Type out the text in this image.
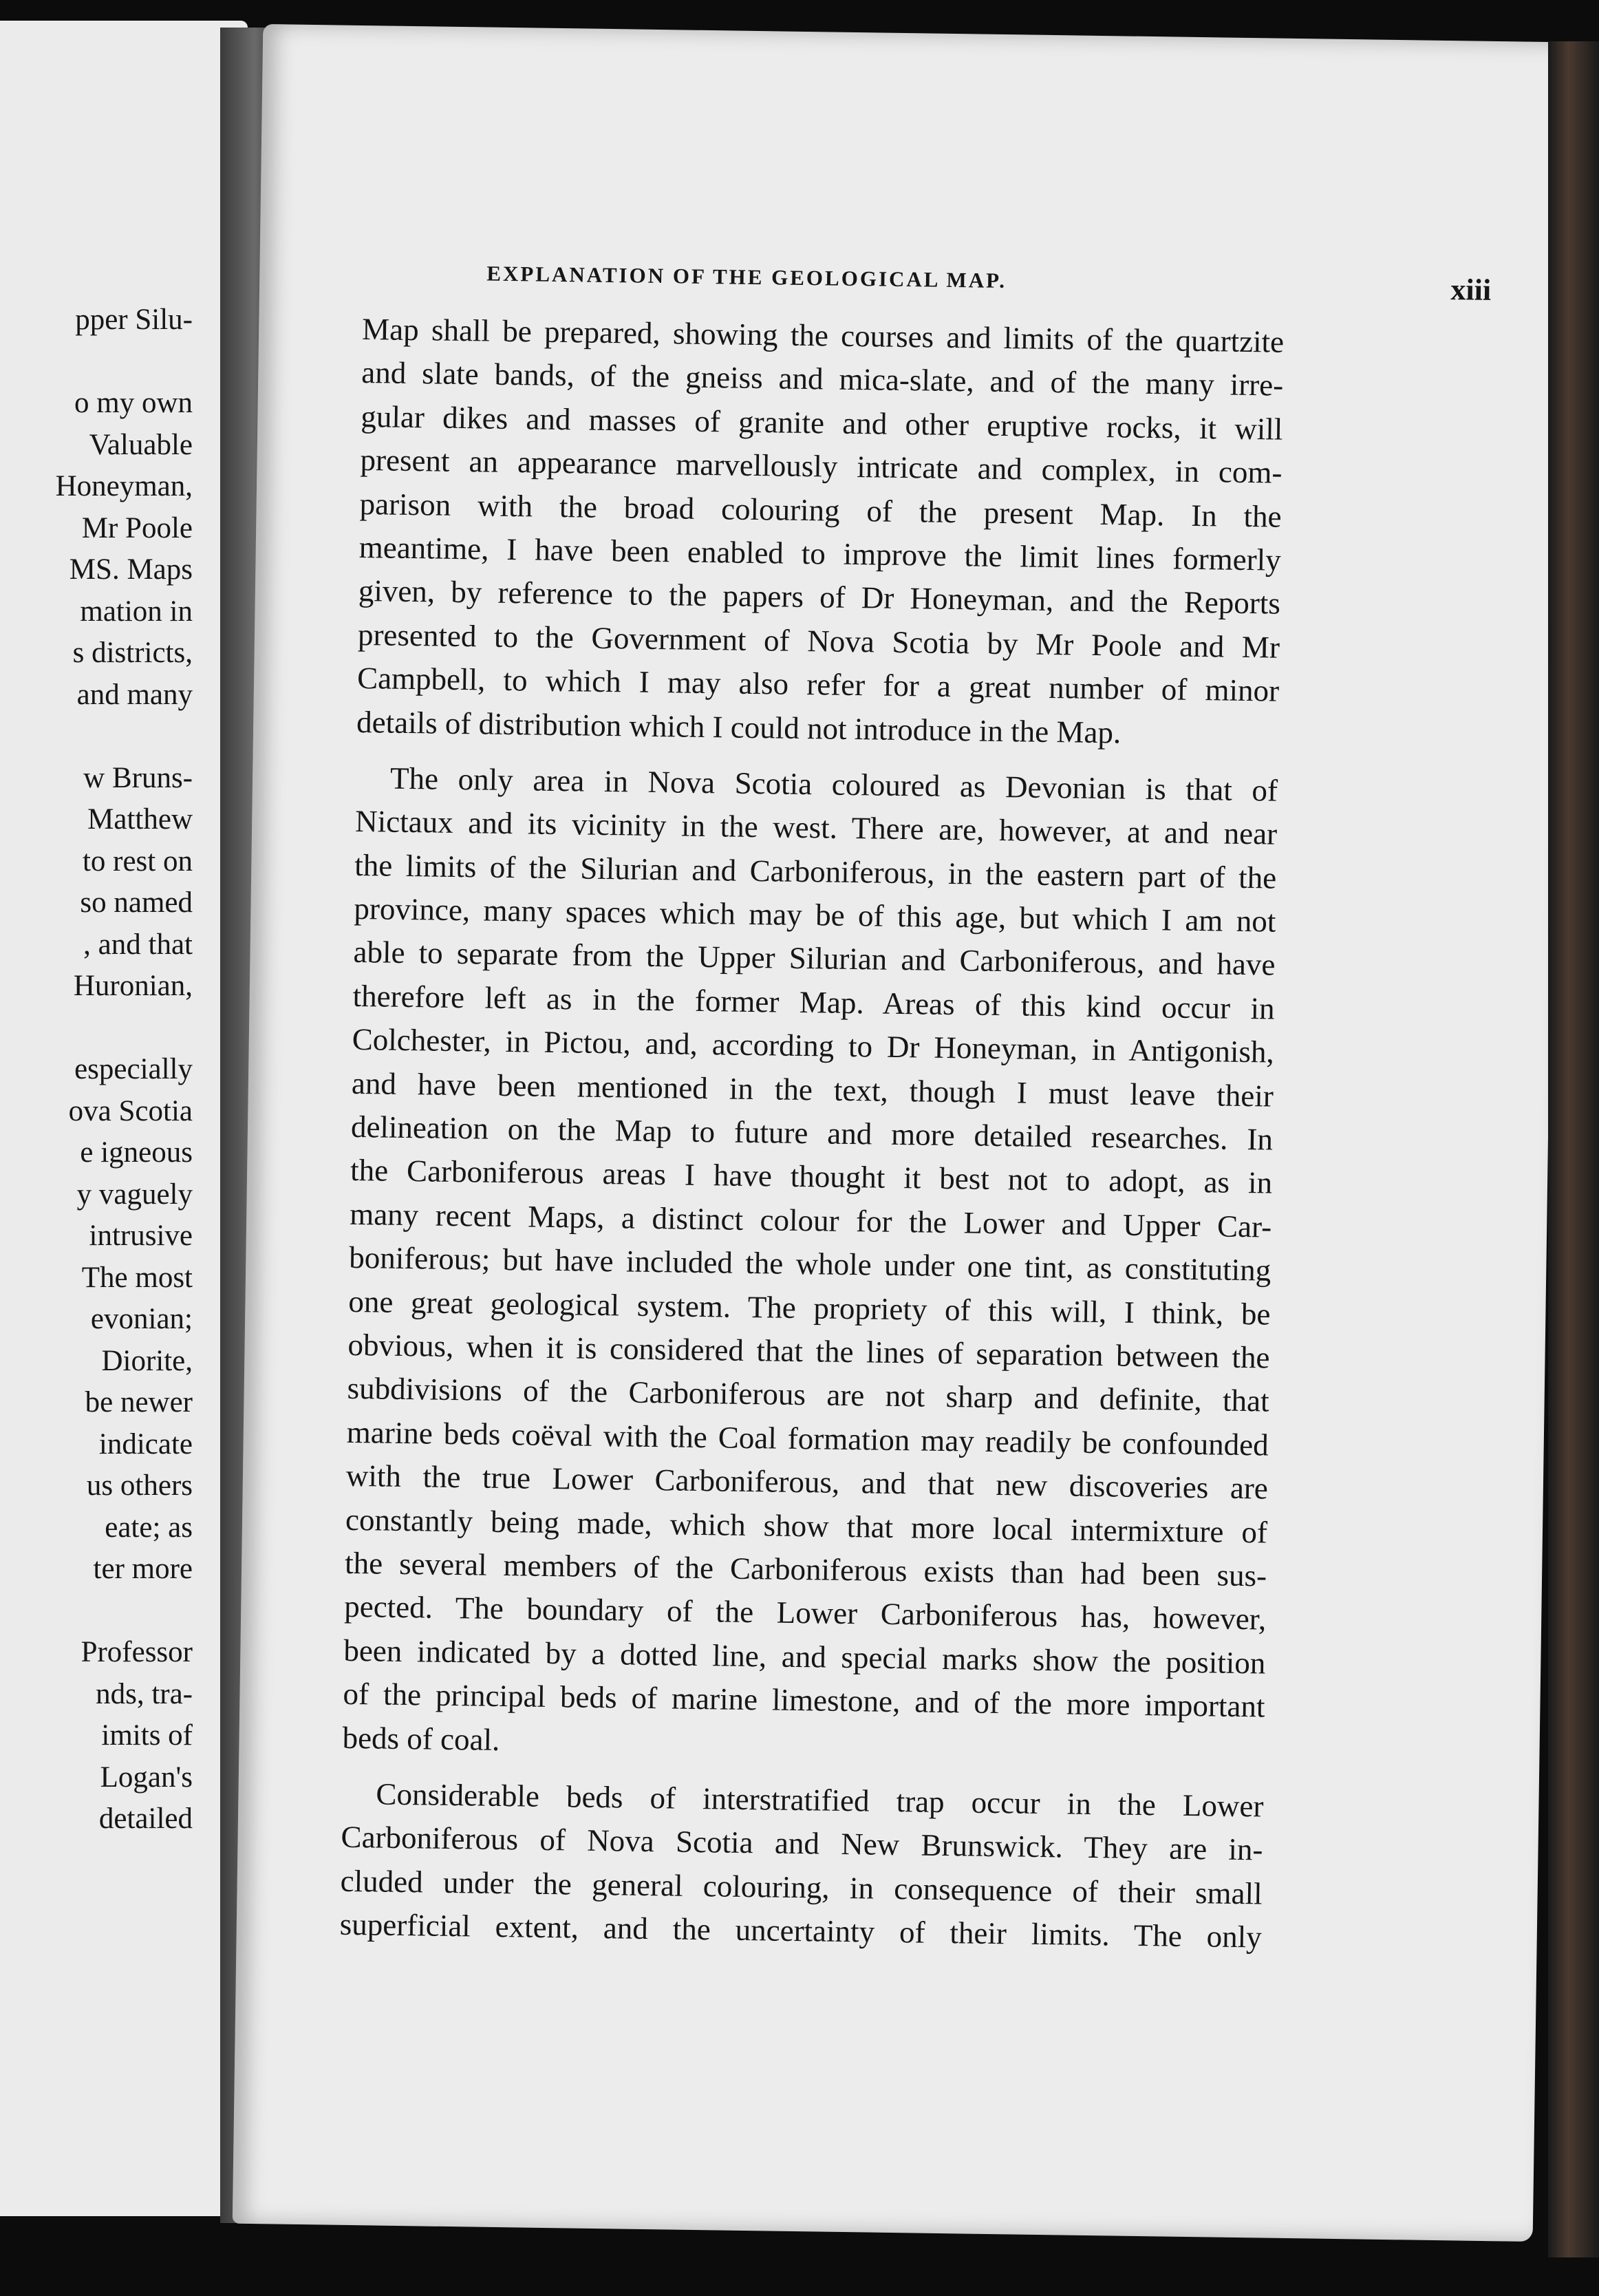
pper Silu-
o my own
Valuable
Honeyman,
Mr Poole
MS. Maps
mation in
s districts,
and many
w Bruns-
Matthew
to rest on
so named
, and that
Huronian,
especially
ova Scotia
e igneous
y vaguely
intrusive
The most
evonian;
Diorite,
be newer
indicate
us others
eate; as
ter more
Professor
nds, tra-
imits of
Logan's
detailed
EXPLANATION OF THE GEOLOGICAL MAP.	xiii
Map shall be prepared, showing the courses and limits of the quartzite
and slate bands, of the gneiss and mica-slate, and of the many irre-
gular dikes and masses of granite and other eruptive rocks, it will
present an appearance marvellously intricate and complex, in com-
parison with the broad colouring of the present Map. In the
meantime, I have been enabled to improve the limit lines formerly
given, by reference to the papers of Dr Honeyman, and the Reports
presented to the Government of Nova Scotia by Mr Poole and Mr
Campbell, to which I may also refer for a great number of minor
details of distribution which I could not introduce in the Map.
The only area in Nova Scotia coloured as Devonian is that of
Nictaux and its vicinity in the west. There are, however, at and near
the limits of the Silurian and Carboniferous, in the eastern part of the
province, many spaces which may be of this age, but which I am not
able to separate from the Upper Silurian and Carboniferous, and have
therefore left as in the former Map. Areas of this kind occur in
Colchester, in Pictou, and, according to Dr Honeyman, in Antigonish,
and have been mentioned in the text, though I must leave their
delineation on the Map to future and more detailed researches. In
the Carboniferous areas I have thought it best not to adopt, as in
many recent Maps, a distinct colour for the Lower and Upper Car-
boniferous; but have included the whole under one tint, as constituting
one great geological system. The propriety of this will, I think, be
obvious, when it is considered that the lines of separation between the
subdivisions of the Carboniferous are not sharp and definite, that
marine beds coëval with the Coal formation may readily be confounded
with the true Lower Carboniferous, and that new discoveries are
constantly being made, which show that more local intermixture of
the several members of the Carboniferous exists than had been sus-
pected. The boundary of the Lower Carboniferous has, however,
been indicated by a dotted line, and special marks show the position
of the principal beds of marine limestone, and of the more important
beds of coal.
Considerable beds of interstratified trap occur in the Lower
Carboniferous of Nova Scotia and New Brunswick. They are in-
cluded under the general colouring, in consequence of their small
superficial extent, and the uncertainty of their limits. The only
